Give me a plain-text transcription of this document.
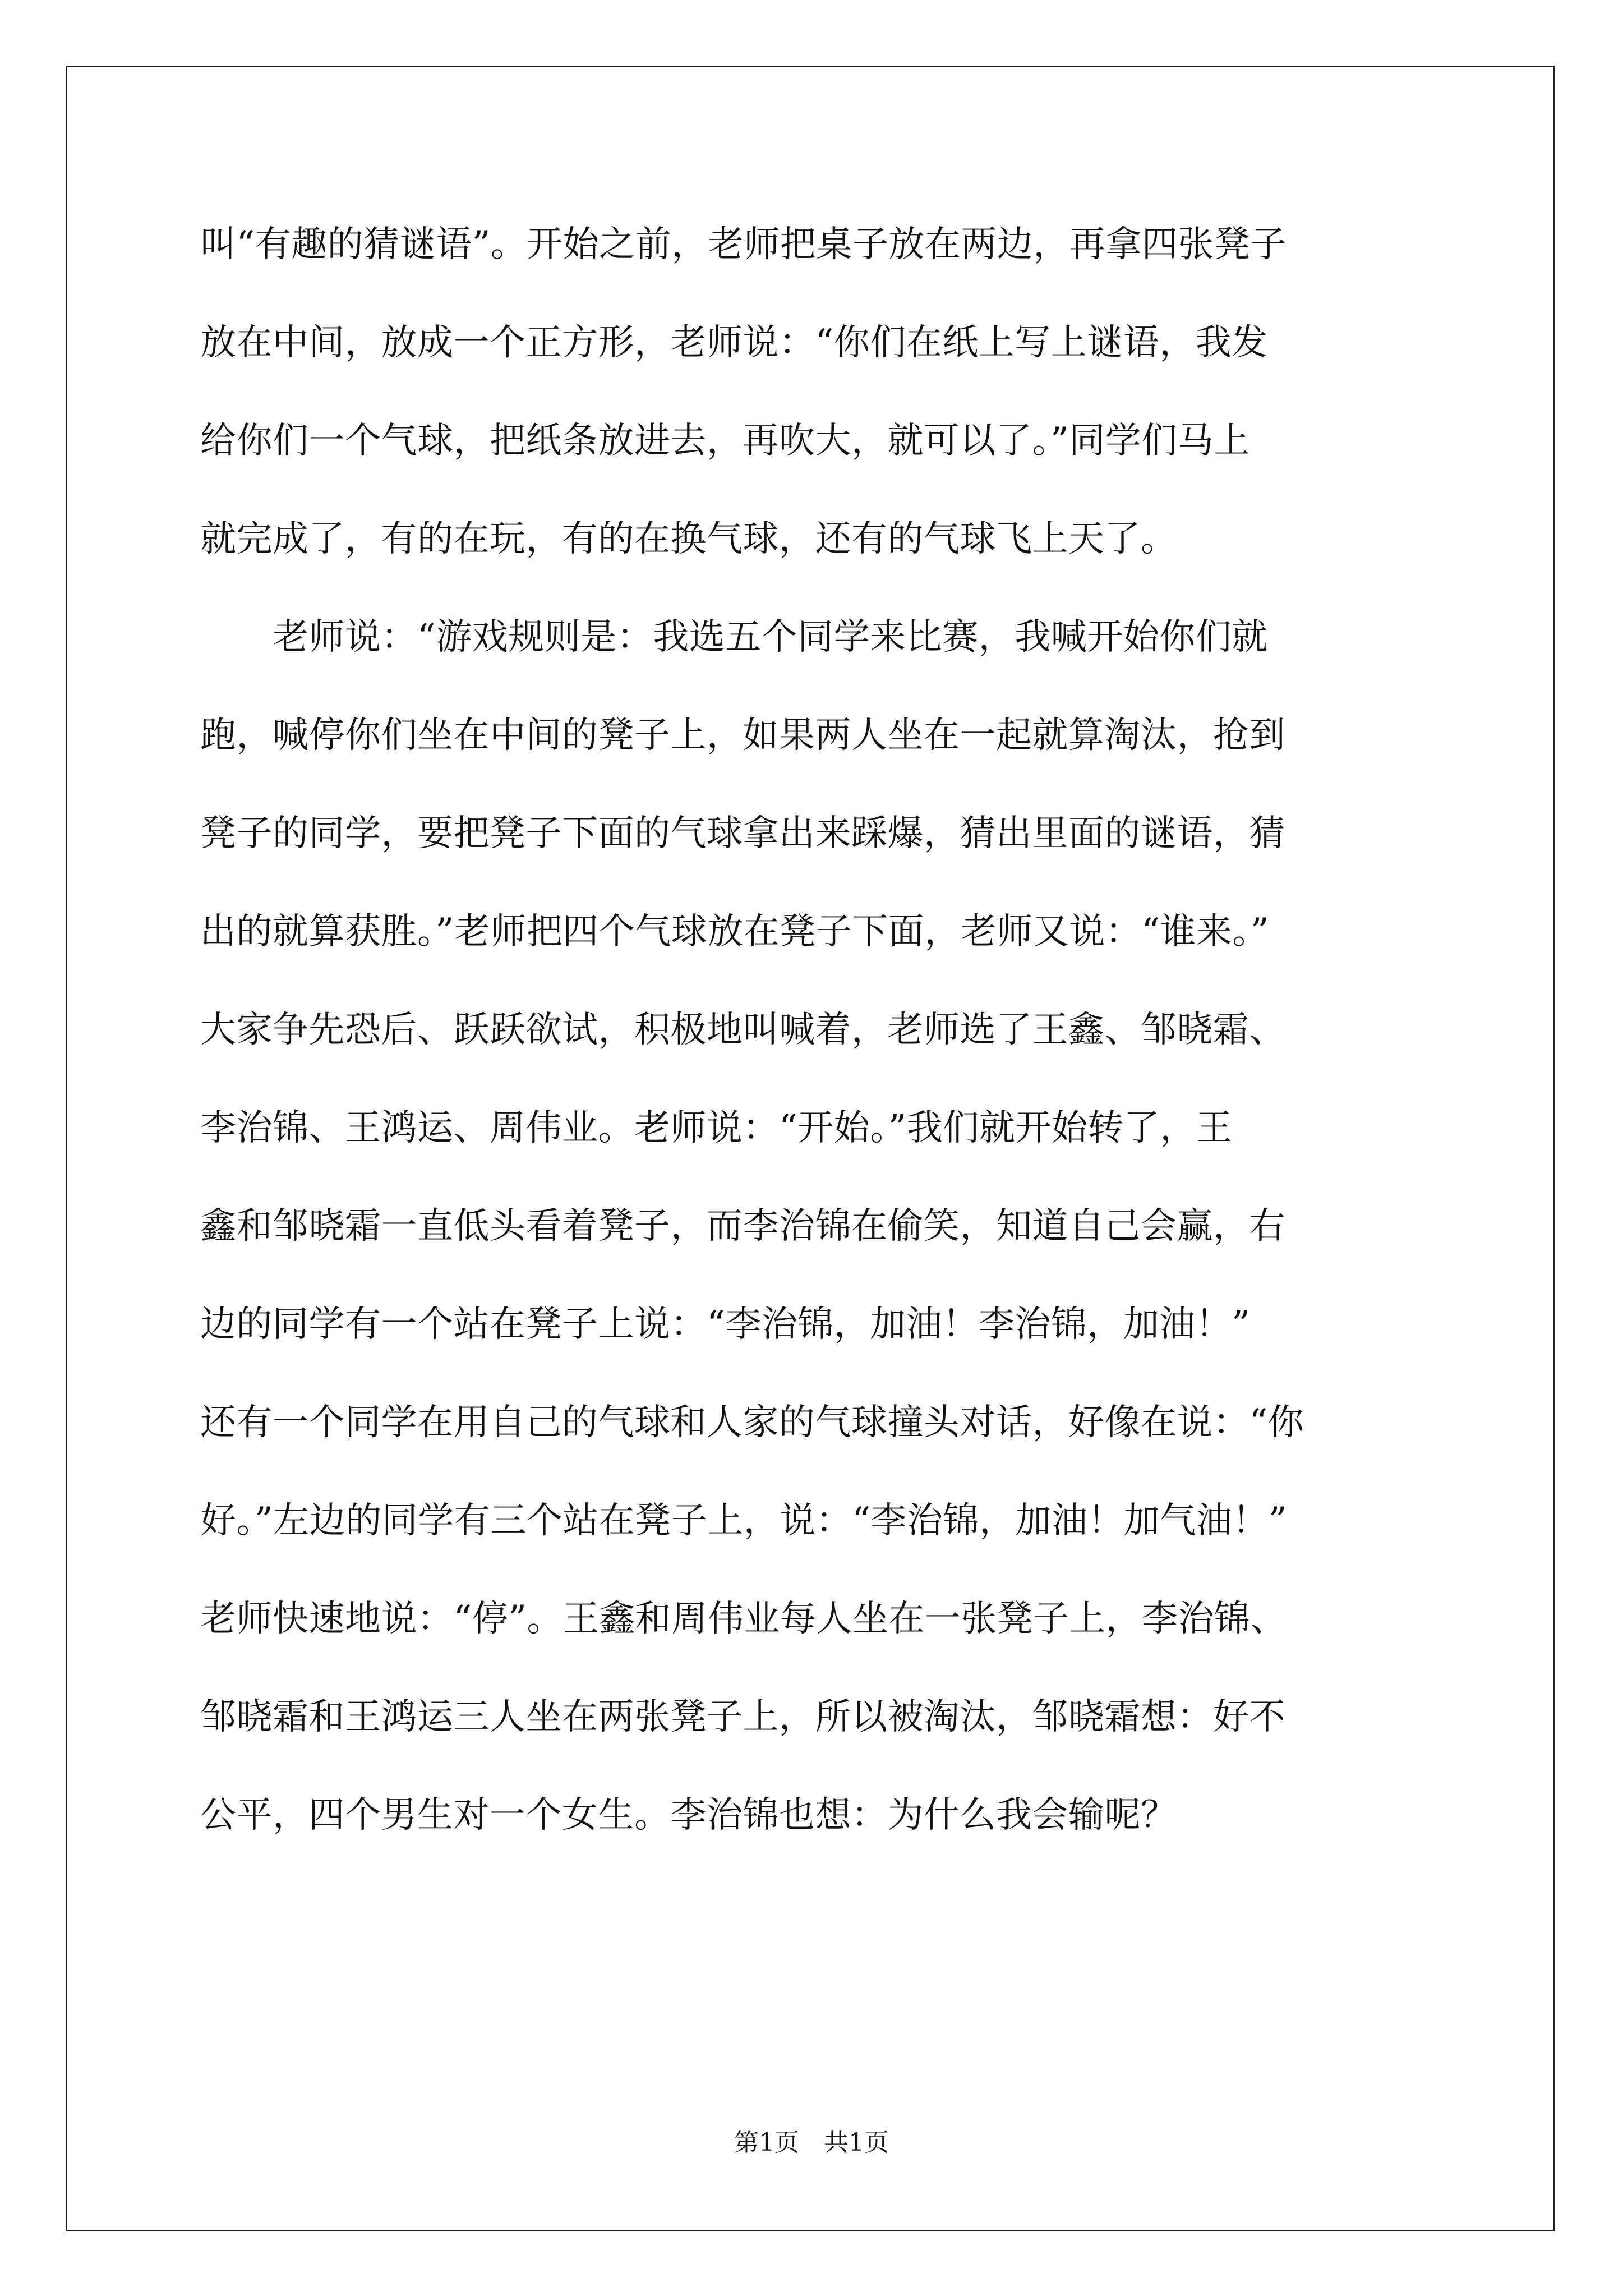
叫“有趣的猜谜语”。开始之前，老师把桌子放在两边，再拿四张凳子
放在中间，放成一个正方形，老师说：“你们在纸上写上谜语，我发
给你们一个气球，把纸条放进去，再吹大，就可以了。”同学们马上
就完成了，有的在玩，有的在换气球，还有的气球飞上天了。
　　老师说：“游戏规则是：我选五个同学来比赛，我喊开始你们就
跑，喊停你们坐在中间的凳子上，如果两人坐在一起就算淘汰，抢到
凳子的同学，要把凳子下面的气球拿出来踩爆，猜出里面的谜语，猜
出的就算获胜。”老师把四个气球放在凳子下面，老师又说：“谁来。”
大家争先恐后、跃跃欲试，积极地叫喊着，老师选了王鑫、邹晓霜、
李治锦、王鸿运、周伟业。老师说：“开始。”我们就开始转了，王
鑫和邹晓霜一直低头看着凳子，而李治锦在偷笑，知道自己会赢，右
边的同学有一个站在凳子上说：“李治锦，加油！李治锦，加油！”
还有一个同学在用自己的气球和人家的气球撞头对话，好像在说：“你
好。”左边的同学有三个站在凳子上，说：“李治锦，加油！加气油！”
老师快速地说：“停”。王鑫和周伟业每人坐在一张凳子上，李治锦、
邹晓霜和王鸿运三人坐在两张凳子上，所以被淘汰，邹晓霜想：好不
公平，四个男生对一个女生。李治锦也想：为什么我会输呢？
第1页　共1页
